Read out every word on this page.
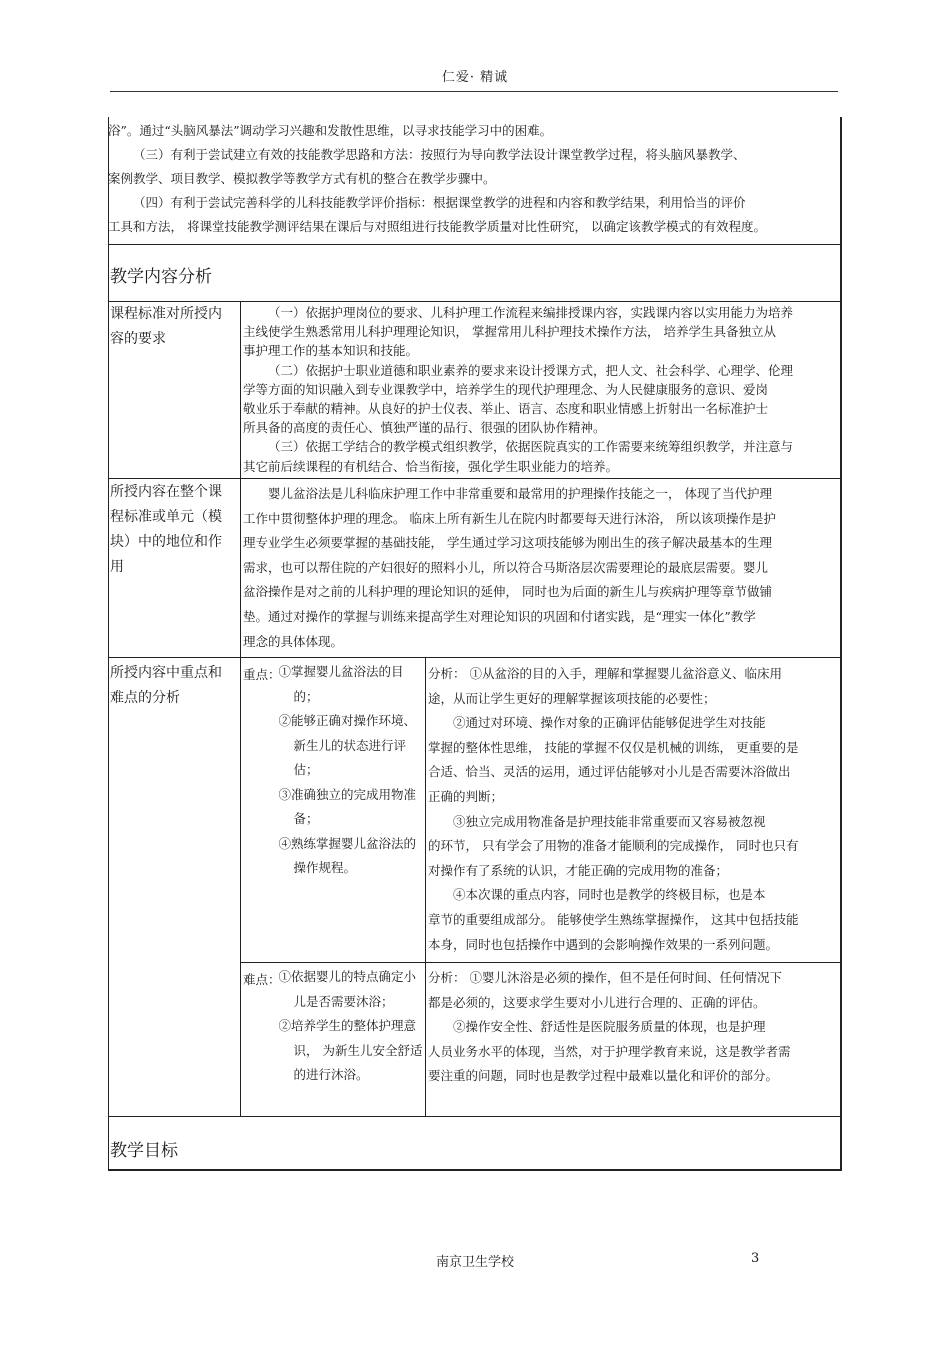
仁爱· 精诚

浴”。通过“头脑风暴法”调动学习兴趣和发散性思维，以寻求技能学习中的困难。

（三）有利于尝试建立有效的技能教学思路和方法：按照行为导向教学法设计课堂教学过程，将头脑风暴教学、

案例教学、项目教学、模拟教学等教学方式有机的整合在教学步骤中。

（四）有利于尝试完善科学的儿科技能教学评价指标：根据课堂教学的进程和内容和教学结果，利用恰当的评价

工具和方法， 将课堂技能教学测评结果在课后与对照组进行技能教学质量对比性研究， 以确定该教学模式的有效程度。

教学内容分析
课程标准对所授内容的要求

（一）依据护理岗位的要求、儿科护理工作流程来编排授课内容，实践课内容以实用能力为培养

主线使学生熟悉常用儿科护理理论知识， 掌握常用儿科护理技术操作方法， 培养学生具备独立从

事护理工作的基本知识和技能。

（二）依据护士职业道德和职业素养的要求来设计授课方式，把人文、社会科学、心理学、伦理

学等方面的知识融入到专业课教学中，培养学生的现代护理理念、为人民健康服务的意识、爱岗

敬业乐于奉献的精神。从良好的护士仪表、举止、语言、态度和职业情感上折射出一名标准护士

所具备的高度的责任心、慎独严谨的品行、很强的团队协作精神。

（三）依据工学结合的教学模式组织教学，依据医院真实的工作需要来统筹组织教学，并注意与

其它前后续课程的有机结合、恰当衔接，强化学生职业能力的培养。

所授内容在整个课程标准或单元（模块）中的地位和作用

婴儿盆浴法是儿科临床护理工作中非常重要和最常用的护理操作技能之一， 体现了当代护理

工作中贯彻整体护理的理念。 临床上所有新生儿在院内时都要每天进行沐浴， 所以该项操作是护

理专业学生必须要掌握的基础技能， 学生通过学习这项技能够为刚出生的孩子解决最基本的生理

需求，也可以帮住院的产妇很好的照料小儿，所以符合马斯洛层次需要理论的最底层需要。婴儿

盆浴操作是对之前的儿科护理的理论知识的延伸， 同时也为后面的新生儿与疾病护理等章节做铺

垫。通过对操作的掌握与训练来提高学生对理论知识的巩固和付诸实践，是“理实一体化”教学

理念的具体体现。

所授内容中重点和难点的分析
重点：

①掌握婴儿盆浴法的目的；

②能够正确对操作环境、新生儿的状态进行评估；

③准确独立的完成用物准备；

④熟练掌握婴儿盆浴法的操作规程。

分析： ①从盆浴的目的入手，理解和掌握婴儿盆浴意义、临床用

途，从而让学生更好的理解掌握该项技能的必要性；

②通过对环境、操作对象的正确评估能够促进学生对技能

掌握的整体性思维， 技能的掌握不仅仅是机械的训练， 更重要的是

合适、恰当、灵活的运用，通过评估能够对小儿是否需要沐浴做出

正确的判断；

③独立完成用物准备是护理技能非常重要而又容易被忽视

的环节， 只有学会了用物的准备才能顺利的完成操作， 同时也只有

对操作有了系统的认识，才能正确的完成用物的准备；

④本次课的重点内容，同时也是教学的终极目标，也是本

章节的重要组成部分。 能够使学生熟练掌握操作， 这其中包括技能

本身，同时也包括操作中遇到的会影响操作效果的一系列问题。

难点：

①依据婴儿的特点确定小儿是否需要沐浴；

②培养学生的整体护理意识， 为新生儿安全舒适的进行沐浴。

分析： ①婴儿沐浴是必须的操作，但不是任何时间、任何情况下

都是必须的，这要求学生要对小儿进行合理的、正确的评估。

②操作安全性、舒适性是医院服务质量的体现，也是护理

人员业务水平的体现，当然，对于护理学教育来说，这是教学者需

要注重的问题，同时也是教学过程中最难以量化和评价的部分。

教学目标
南京卫生学校	3
